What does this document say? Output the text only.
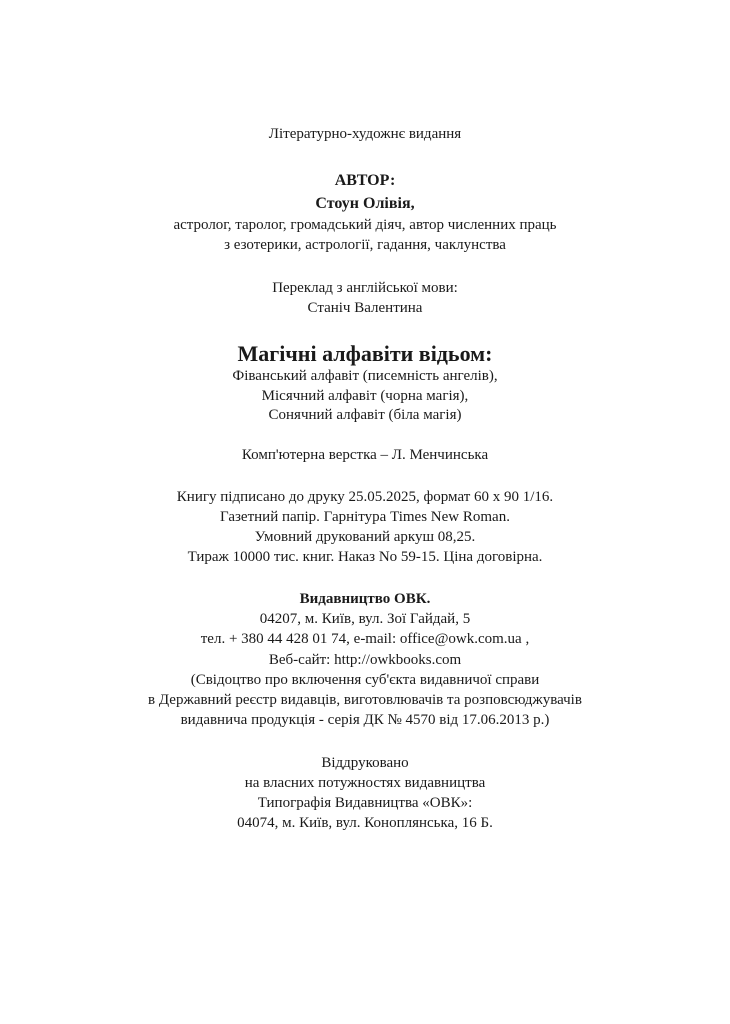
Літературно-художнє видання
АВТОР:
Стоун Олівія,
астролог, таролог, громадський діяч, автор численних праць
з езотерики, астрології, гадання, чаклунства
Переклад з англійської мови:
Станіч Валентина
Магічні алфавіти відьом:
Фіванський алфавіт (писемність ангелів),
Місячний алфавіт (чорна магія),
Сонячний алфавіт (біла магія)
Комп'ютерна верстка – Л. Менчинська
Книгу підписано до друку 25.05.2025, формат 60 х 90 1/16.
Газетний папір. Гарнітура Times New Roman.
Умовний друкований аркуш 08,25.
Тираж 10000 тис. книг. Наказ No 59-15. Ціна договірна.
Видавництво ОВК.
04207, м. Київ, вул. Зої Гайдай, 5
тел. + 380 44 428 01 74, e-mail: office@owk.com.ua ,
Веб-сайт: http://owkbooks.com
(Свідоцтво про включення суб'єкта видавничої справи
в Державний реєстр видавців, виготовлювачів та розповсюджувачів
видавнича продукція - серія ДК № 4570 від 17.06.2013 р.)
Віддруковано
на власних потужностях видавництва
Типографія Видавництва «ОВК»:
04074, м. Київ, вул. Коноплянська, 16 Б.
